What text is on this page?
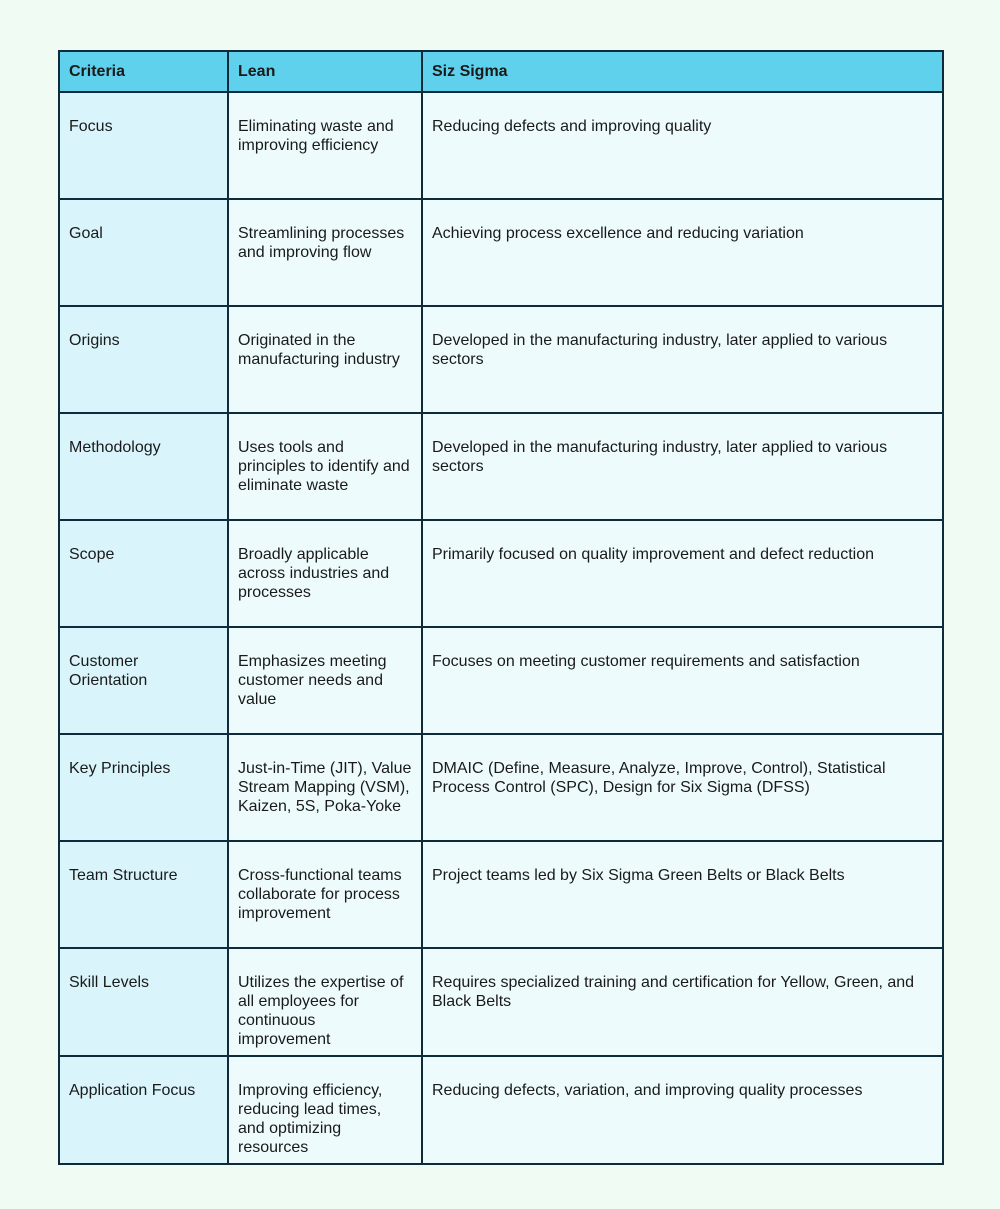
Criteria	Lean	Siz Sigma
Focus	Eliminating waste and improving efficiency	Reducing defects and improving quality
Goal	Streamlining processes and improving flow	Achieving process excellence and reducing variation
Origins	Originated in the manufacturing industry	Developed in the manufacturing industry, later applied to various sectors
Methodology	Uses tools and principles to identify and eliminate waste	Developed in the manufacturing industry, later applied to various sectors
Scope	Broadly applicable across industries and processes	Primarily focused on quality improvement and defect reduction
Customer Orientation	Emphasizes meeting customer needs and value	Focuses on meeting customer requirements and satisfaction
Key Principles	Just-in-Time (JIT), Value Stream Mapping (VSM), Kaizen, 5S, Poka-Yoke	DMAIC (Define, Measure, Analyze, Improve, Control), Statistical Process Control (SPC), Design for Six Sigma (DFSS)
Team Structure	Cross-functional teams collaborate for process improvement	Project teams led by Six Sigma Green Belts or Black Belts
Skill Levels	Utilizes the expertise of all employees for continuous improvement	Requires specialized training and certification for Yellow, Green, and Black Belts
Application Focus	Improving efficiency, reducing lead times, and optimizing resources	Reducing defects, variation, and improving quality processes
